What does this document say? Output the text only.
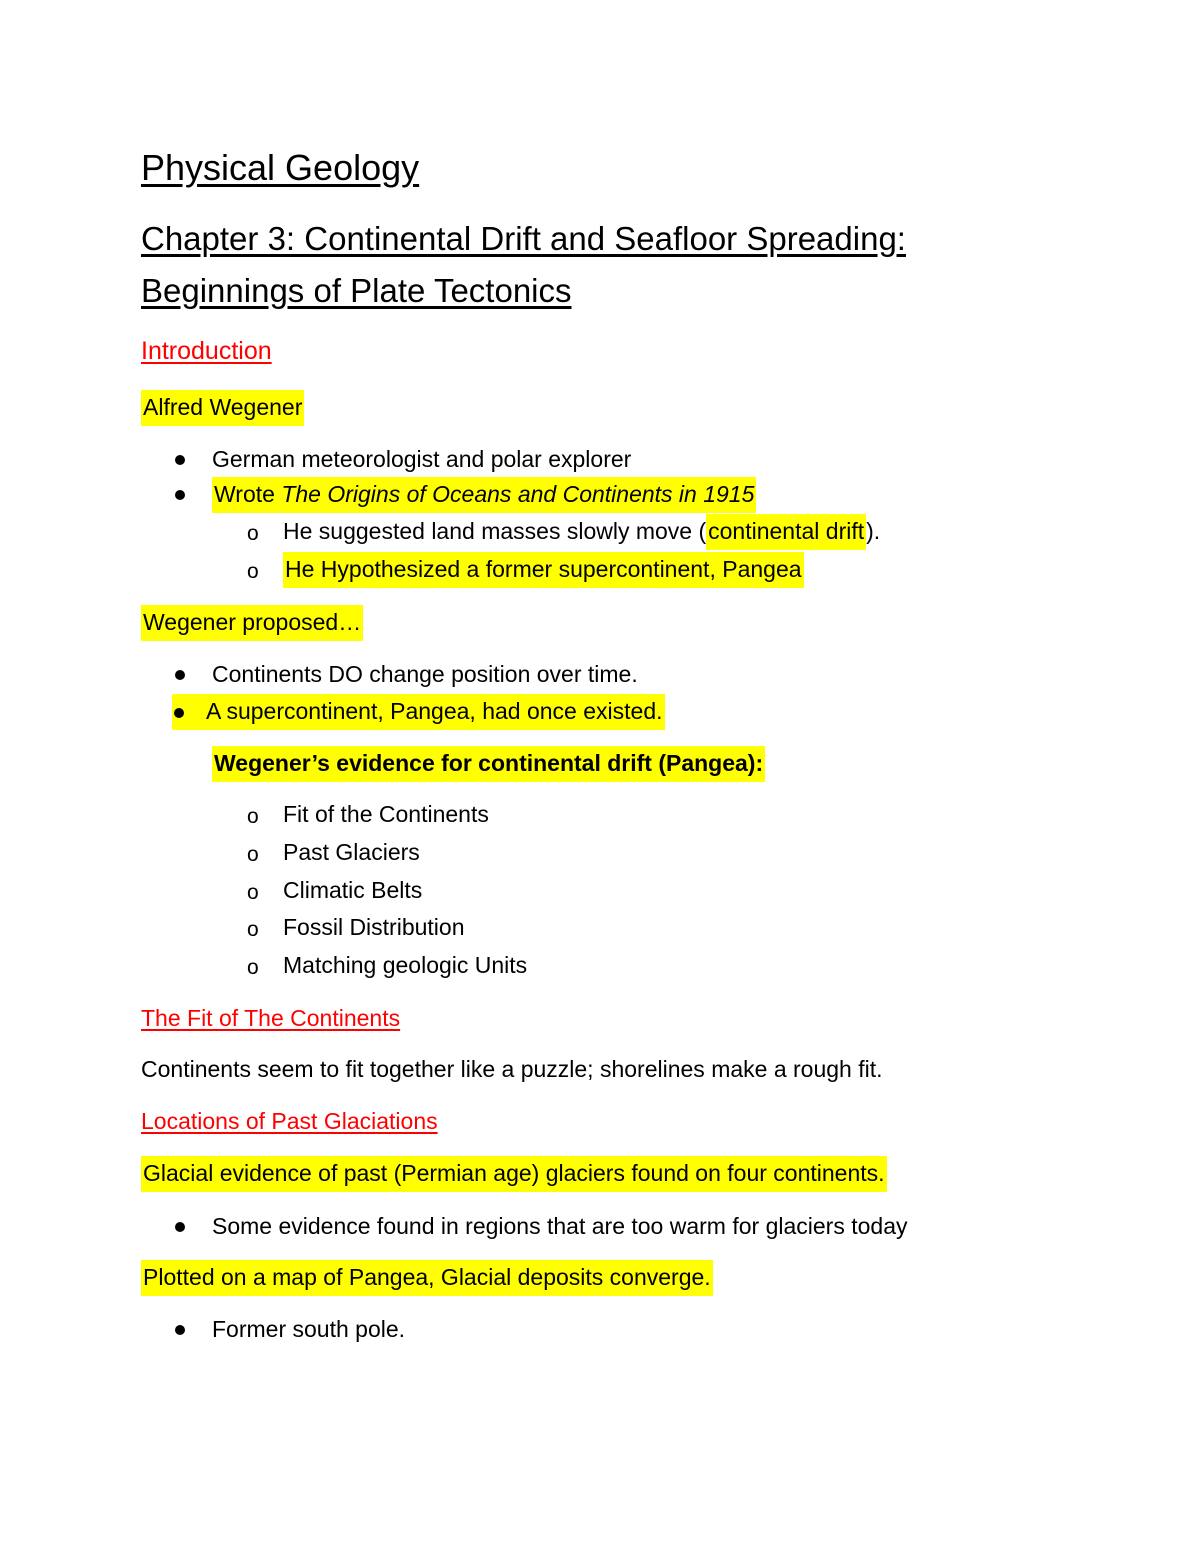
Physical Geology
Chapter 3: Continental Drift and Seafloor Spreading:
Beginnings of Plate Tectonics
Introduction
Alfred Wegener
German meteorologist and polar explorer
Wrote The Origins of Oceans and Continents in 1915
o He suggested land masses slowly move (continental drift).
o He Hypothesized a former supercontinent, Pangea
Wegener proposed…
Continents DO change position over time.
A supercontinent, Pangea, had once existed.
Wegener’s evidence for continental drift (Pangea):
o Fit of the Continents
o Past Glaciers
o Climatic Belts
o Fossil Distribution
o Matching geologic Units
The Fit of The Continents
Continents seem to fit together like a puzzle; shorelines make a rough fit.
Locations of Past Glaciations
Glacial evidence of past (Permian age) glaciers found on four continents.
Some evidence found in regions that are too warm for glaciers today
Plotted on a map of Pangea, Glacial deposits converge.
Former south pole.
